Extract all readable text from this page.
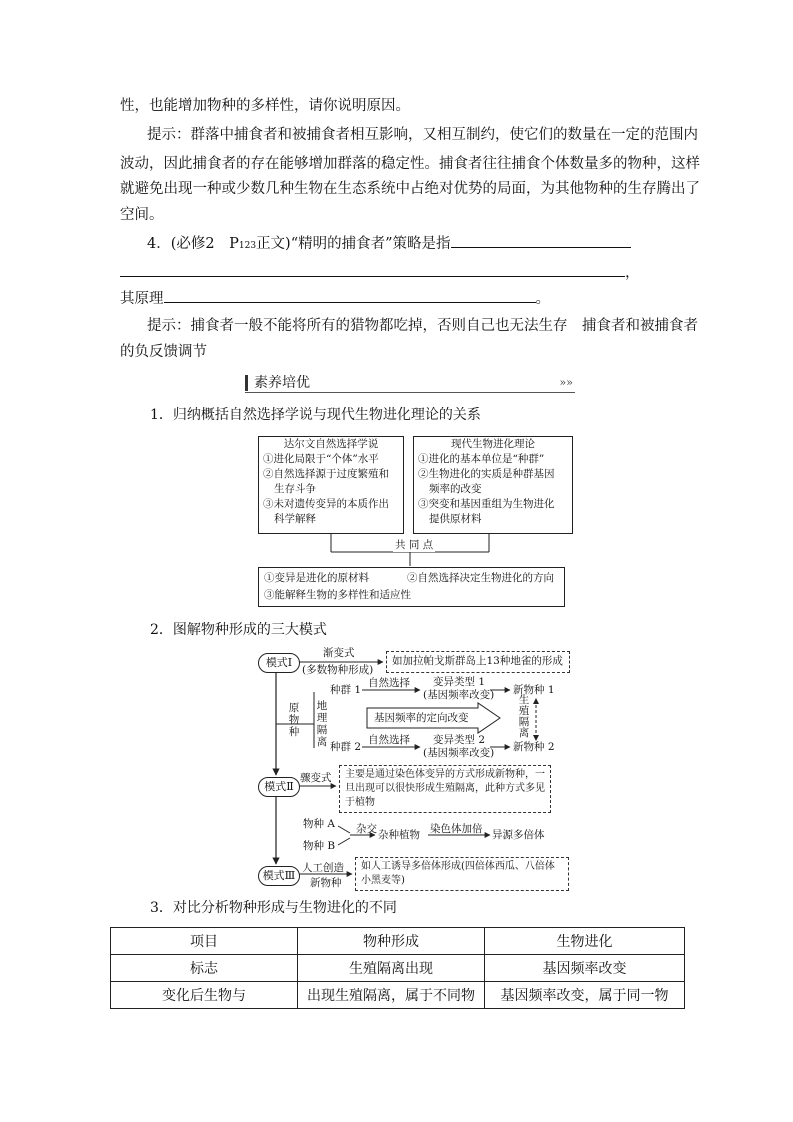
性，也能增加物种的多样性，请你说明原因。
提示：群落中捕食者和被捕食者相互影响，又相互制约，使它们的数量在一定的范围内
波动，因此捕食者的存在能够增加群落的稳定性。捕食者往往捕食个体数量多的物种，这样
就避免出现一种或少数几种生物在生态系统中占绝对优势的局面，为其他物种的生存腾出了
空间。
4．(必修2　P123正文)“精明的捕食者”策略是指
，
其原理	。
提示：捕食者一般不能将所有的猎物都吃掉，否则自己也无法生存　捕食者和被捕食者
的负反馈调节
素养培优	»»
1．归纳概括自然选择学说与现代生物进化理论的关系
达尔文自然选择学说
①进化局限于“个体”水平
②自然选择源于过度繁殖和
生存斗争
③未对遗传变异的本质作出
科学解释
现代生物进化理论
①进化的基本单位是“种群”
②生物进化的实质是种群基因
频率的改变
③突变和基因重组为生物进化
提供原材料
共 同 点
①变异是进化的原材料	②自然选择决定生物进化的方向
③能解释生物的多样性和适应性
2．图解物种形成的三大模式
模式Ⅰ
模式Ⅱ
模式Ⅲ
渐变式
(多数物种形成)
如加拉帕戈斯群岛上13种地雀的形成
原物种
地理隔离
种群 1
种群 2
自然选择
自然选择
变异类型 1
(基因频率改变)
变异类型 2
(基因频率改变)
新物种 1
新物种 2
生殖隔离
基因频率的定向改变
骤变式	主要是通过染色体变异的方式形成新物种，一旦出现可以很快形成生殖隔离，此种方式多见于植物
物种 A
物种 B
杂交 杂种植物 染色体加倍 异源多倍体
人工创造
新物种
如人工诱导多倍体形成(四倍体西瓜、八倍体小黑麦等)
3．对比分析物种形成与生物进化的不同
项目	物种形成	生物进化
标志	生殖隔离出现	基因频率改变
变化后生物与	出现生殖隔离，属于不同物	基因频率改变，属于同一物
